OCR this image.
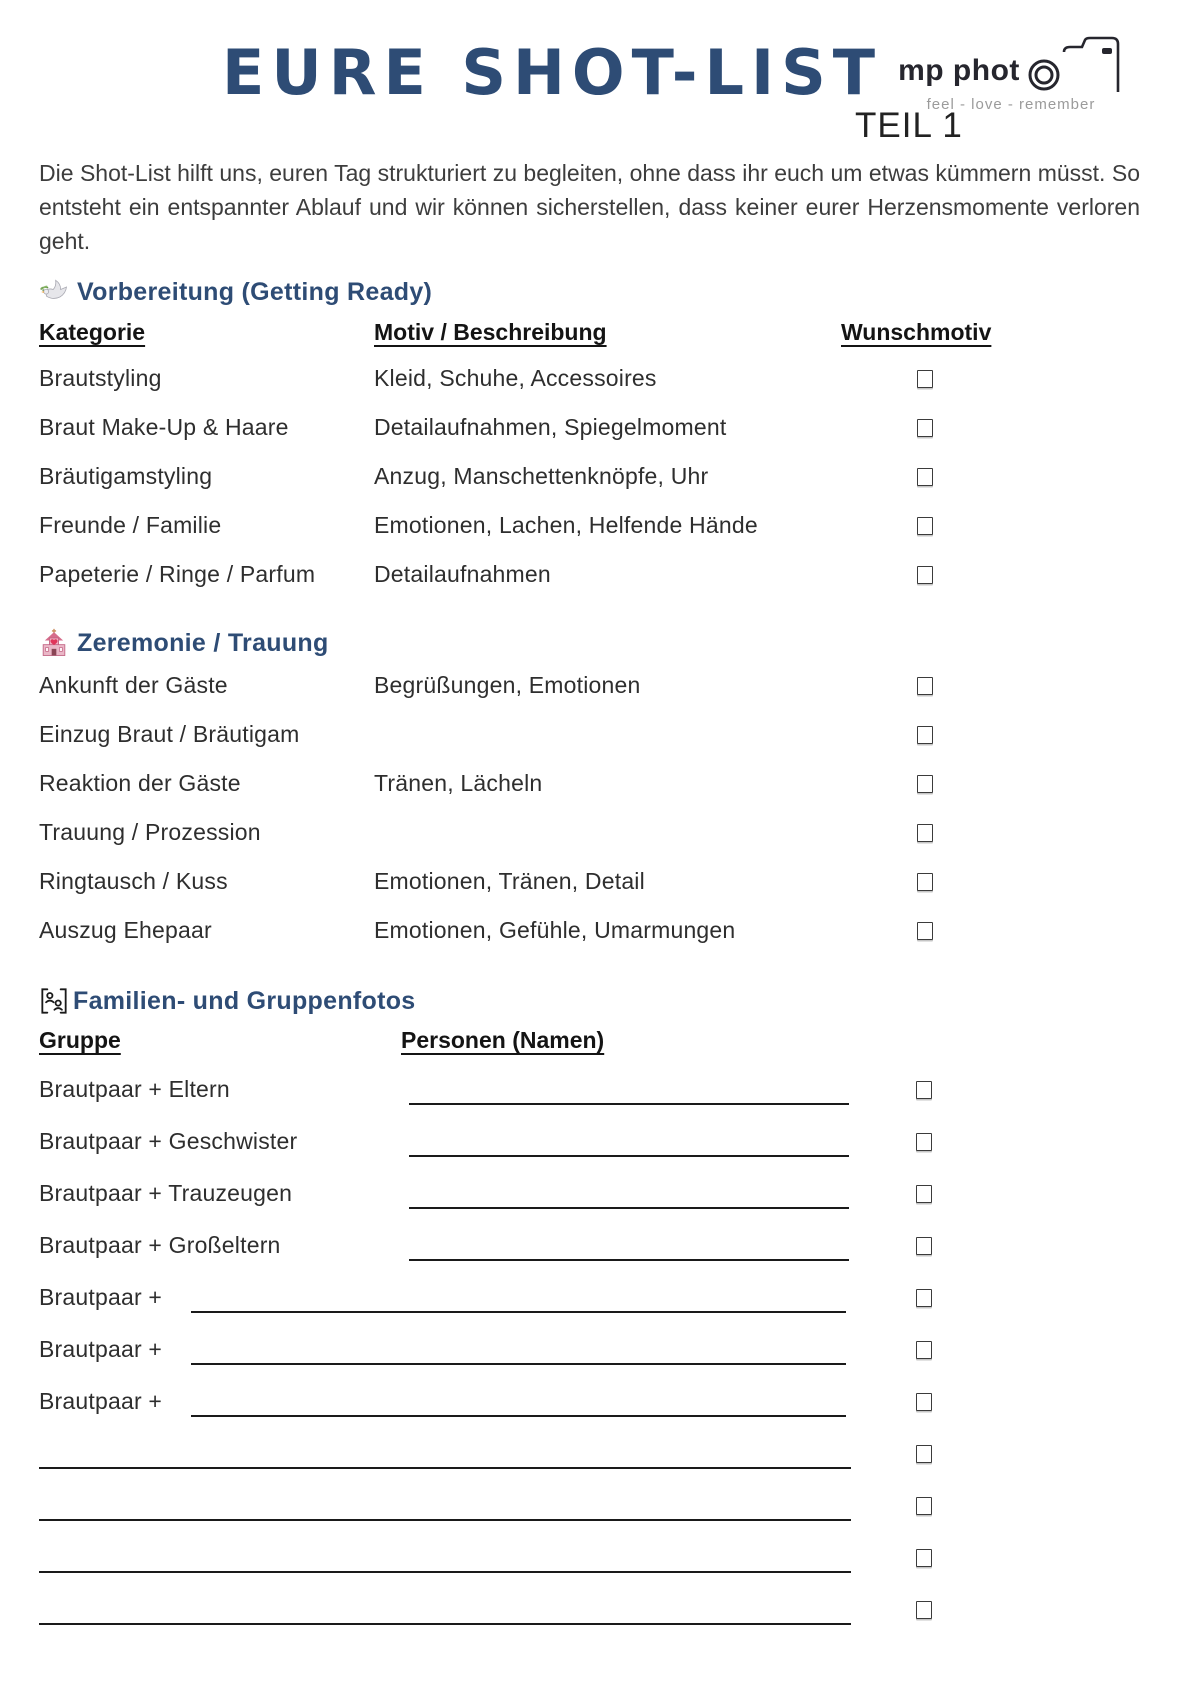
EURE SHOT-LIST mp phot
feel - love - remember
TEIL 1

Die Shot-List hilft uns, euren Tag strukturiert zu begleiten, ohne dass ihr euch um etwas kümmern müsst. So entsteht ein entspannter Ablauf und wir können sicherstellen, dass keiner eurer Herzensmomente verloren geht.

Vorbereitung (Getting Ready)
Kategorie	Motiv / Beschreibung	Wunschmotiv
Brautstyling	Kleid, Schuhe, Accessoires
Braut Make-Up & Haare	Detailaufnahmen, Spiegelmoment
Bräutigamstyling	Anzug, Manschettenknöpfe, Uhr
Freunde / Familie	Emotionen, Lachen, Helfende Hände
Papeterie / Ringe / Parfum	Detailaufnahmen
Zeremonie / Trauung
Ankunft der Gäste	Begrüßungen, Emotionen
Einzug Braut / Bräutigam
Reaktion der Gäste	Tränen, Lächeln
Trauung / Prozession
Ringtausch / Kuss	Emotionen, Tränen, Detail
Auszug Ehepaar	Emotionen, Gefühle, Umarmungen
Familien- und Gruppenfotos
Gruppe	Personen (Namen)
Brautpaar + Eltern
Brautpaar + Geschwister
Brautpaar + Trauzeugen
Brautpaar + Großeltern
Brautpaar +
Brautpaar +
Brautpaar +
